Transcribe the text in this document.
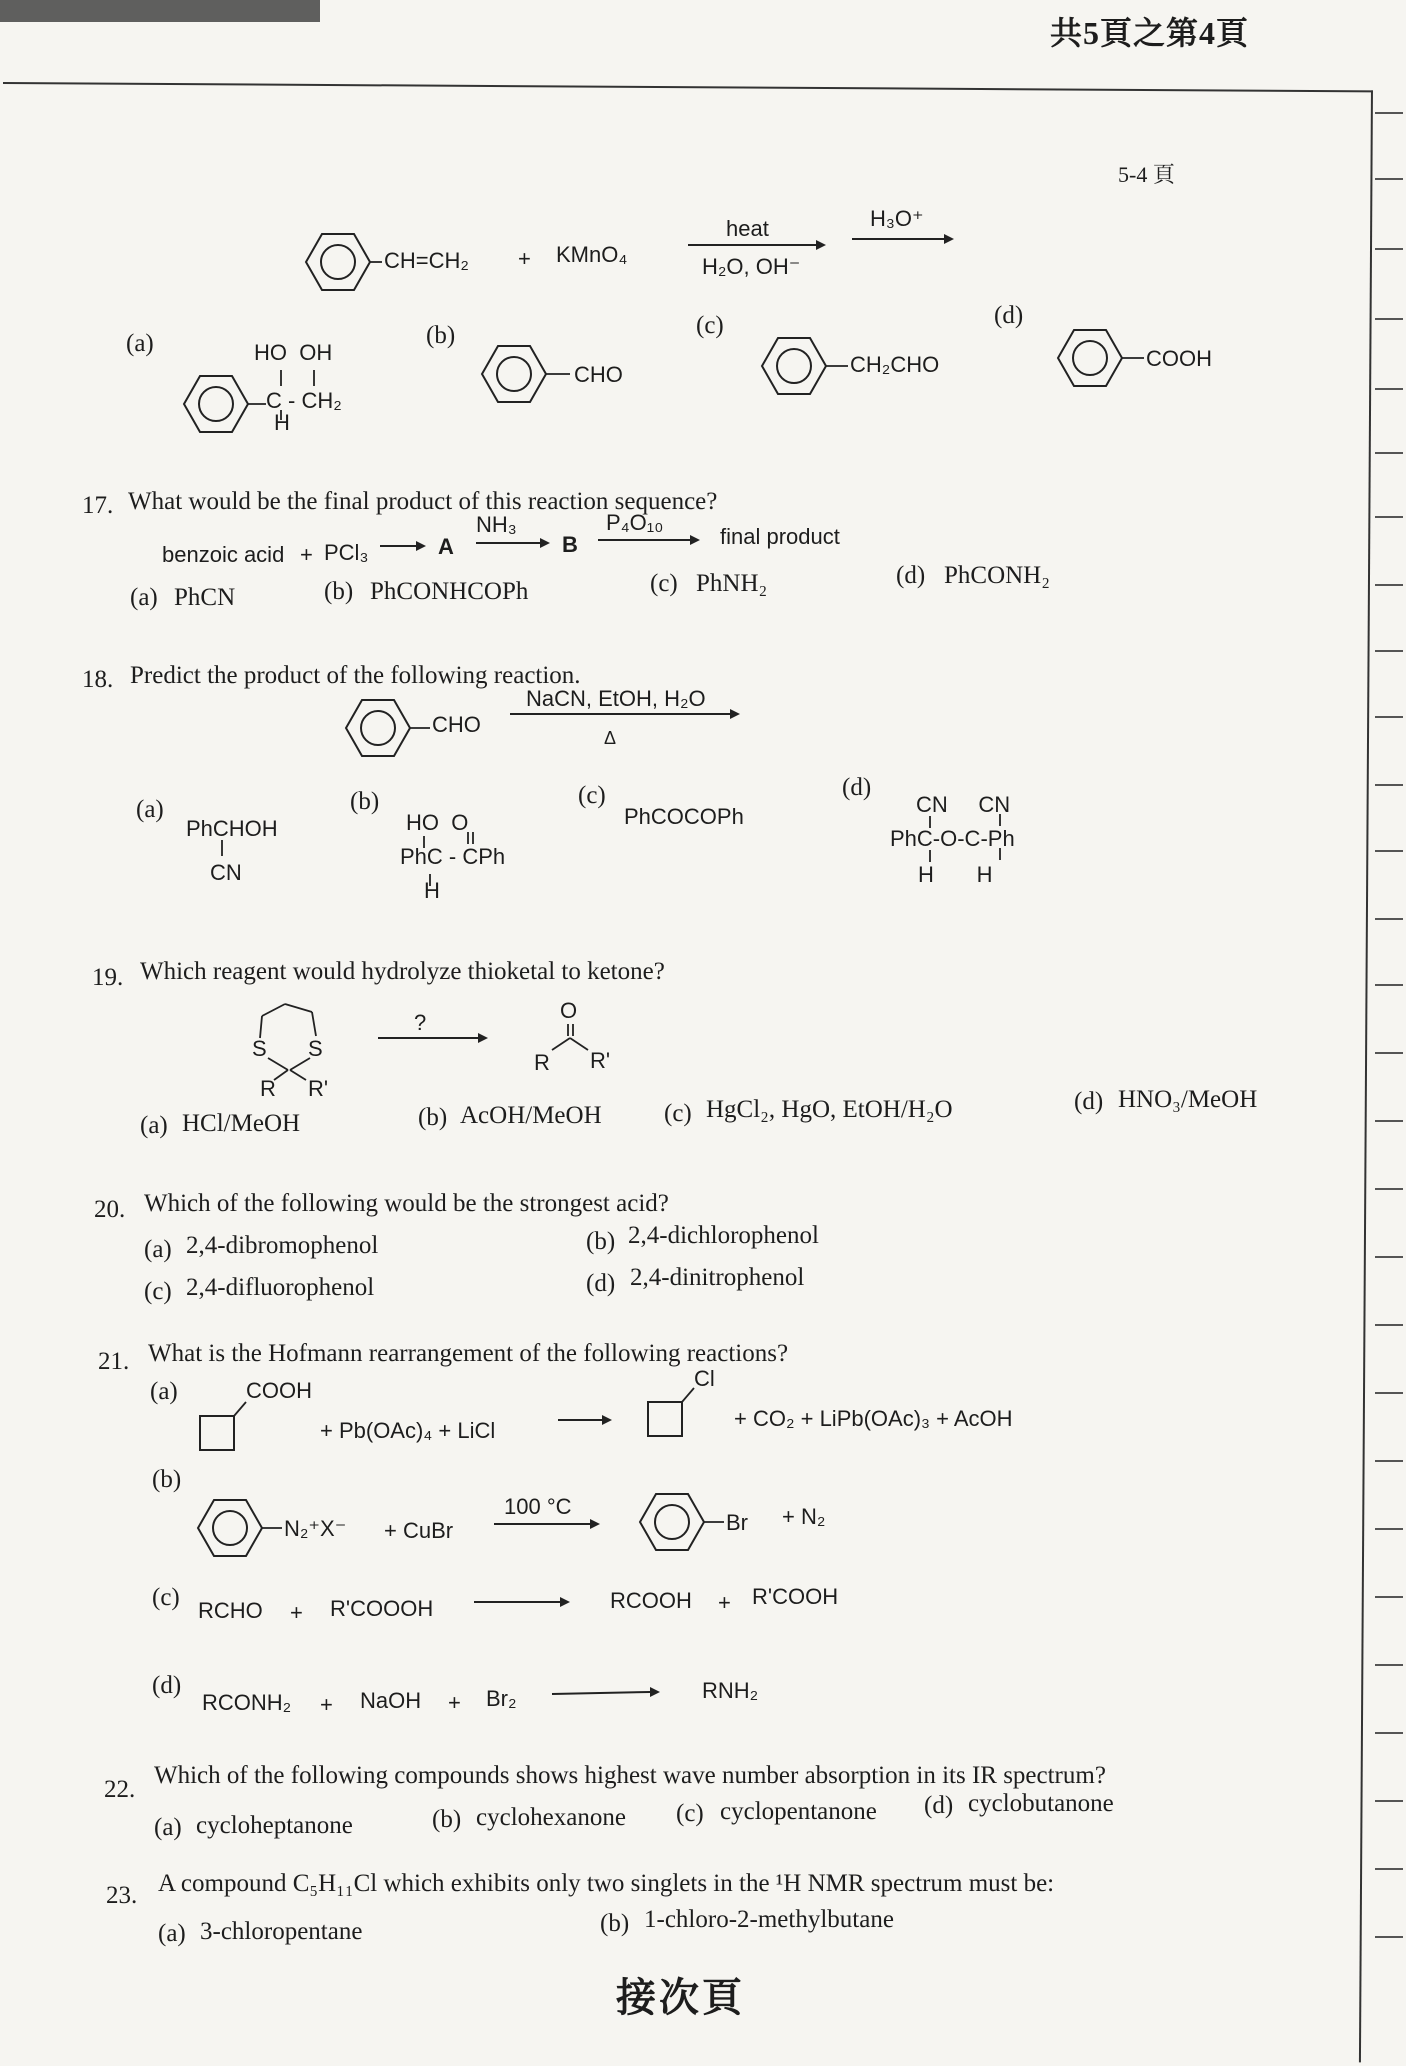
共5頁之第4頁
5-4 頁
CH=CH₂ + KMnO₄
heat
H₂O, OH⁻
H₃O⁺
(a)	HO  OH
C - CH₂
H
(b)
CHO
(c)
CH₂CHO
(d)
COOH
17. What would be the final product of this reaction sequence?
benzoic acid + PCl₃	A
NH₃
B
P₄O₁₀
final product
(a) PhCN	(b) PhCONHCOPh	(c) PhNH₂	(d) PhCONH₂
18. Predict the product of the following reaction.
CHO
NaCN, EtOH, H₂O
Δ
(a)
PhCHOH
CN
(b)
HO  O
PhC - CPh
H
(c)
PhCOCOPh
(d)
CN     CN
PhC-O-C-Ph
H       H
19. Which reagent would hydrolyze thioketal to ketone?
S S
R R'
?	O
R R'
(a) HCl/MeOH	(b) AcOH/MeOH (c) HgCl₂, HgO, EtOH/H₂O	(d) HNO₃/MeOH
20. Which of the following would be the strongest acid?
(a) 2,4-dibromophenol	(b) 2,4-dichlorophenol
(c) 2,4-difluorophenol	(d) 2,4-dinitrophenol
21. What is the Hofmann rearrangement of the following reactions?
(a)	COOH
+ Pb(OAc)₄ + LiCl
Cl
+ CO₂ + LiPb(OAc)₃ + AcOH
(b)
N₂⁺X⁻ + CuBr
100 °C
Br + N₂
(c) RCHO + R'COOOH	RCOOH + R'COOH
(d)
RCONH₂ + NaOH + Br₂	RNH₂
22.
Which of the following compounds shows highest wave number absorption in its IR spectrum?
(a) cycloheptanone	(b) cyclohexanone (c) cyclopentanone (d) cyclobutanone
23. A compound C₅H₁₁Cl which exhibits only two singlets in the ¹H NMR spectrum must be:
(a) 3-chloropentane	(b) 1-chloro-2-methylbutane
接次頁
